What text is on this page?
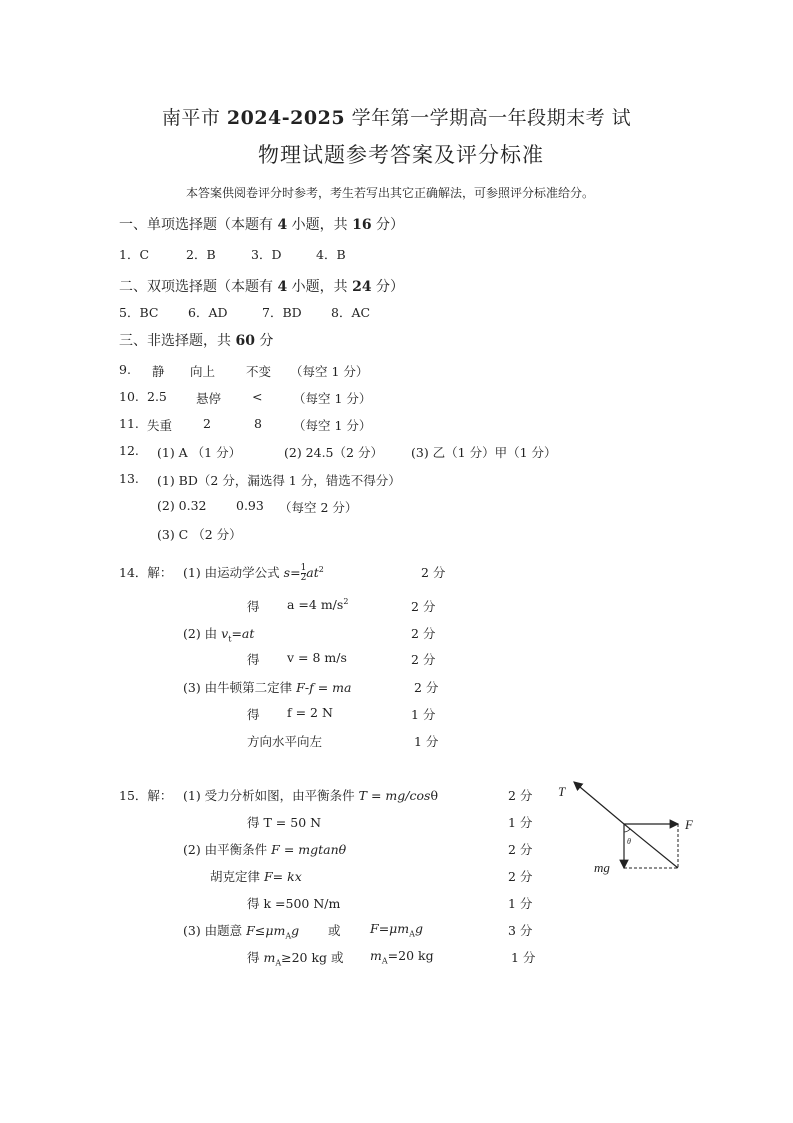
南平市 2024-2025 学年第一学期高一年段期末考 试
物理试题参考答案及评分标准
本答案供阅卷评分时参考，考生若写出其它正确解法，可参照评分标准给分。
一、单项选择题（本题有 4 小题，共 16 分）
1．C	2．B	3．D	4．B
二、双项选择题（本题有 4 小题，共 24 分）
5．BC 6．AD	7．BD 8．AC
三、非选择题，共 60 分
9. 静 向上 不变 （每空 1 分）
10. 2.5 悬停 < （每空 1 分）
11. 失重 2	8 （每空 1 分）
12. (1) A （1 分）	(2) 24.5（2 分） (3) 乙（1 分）甲（1 分）
13. (1) BD（2 分，漏选得 1 分，错选不得分）
(2) 0.32 0.93 （每空 2 分）
(3) C （2 分）
14．解： (1) 由运动学公式 $s= \frac{1}{2} at^2$	2 分
得 a =4 $m/s^2$	2 分
(2) 由 $v_t=at$	2 分
得 v = 8 m/s	2 分
(3) 由牛顿第二定律 F-f = ma	2 分
得 f = 2 N	1 分
方向水平向左	1 分
15．解： (1) 受力分析如图，由平衡条件 T = mg/cosθ	2 分
得 T = 50 N	1 分
(2) 由平衡条件 F = mgtanθ	2 分
胡克定律 F= kx	2 分
得 k =500 N/m	1 分
(3) 由题意 $F\le\mu m_Ag$ 或 $F=\mu m_Ag$	3 分
得 $m_A\ge 20$ kg 或 $m_A=20$ kg	1 分
T
F
mg
θ
